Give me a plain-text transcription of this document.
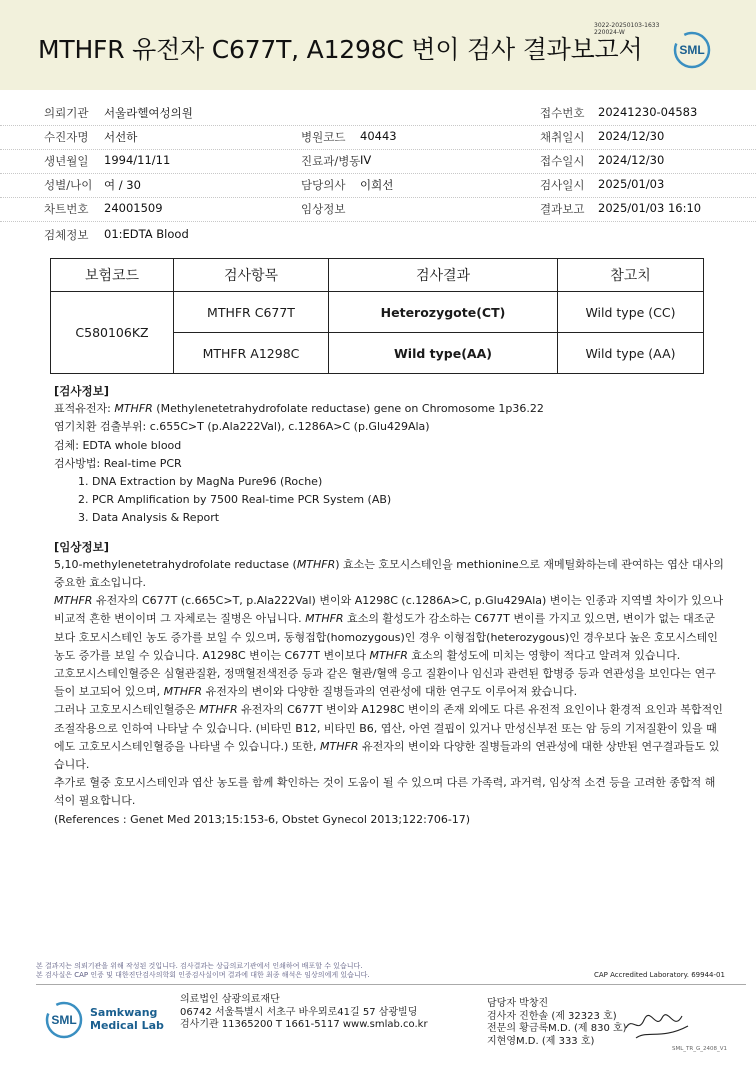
MTHFR 유전자 C677T, A1298C 변이 검사 결과보고서
3022-20250103-1633
220024-W
SML
의뢰기관 서울라헬여성의원	접수번호 20241230-04583
수진자명 서선하	병원코드 40443	채취일시 2024/12/30
생년월일 1994/11/11	진료과/병동 IV	접수일시 2024/12/30
성별/나이 여 / 30	담당의사 이희선	검사일시 2025/01/03
차트번호 24001509	임상정보	결과보고 2025/01/03 16:10
검체정보 01:EDTA Blood
보험코드	검사항목	검사결과	참고치
C580106KZ	MTHFR C677T	Heterozygote(CT)	Wild type (CC)
	MTHFR A1298C	Wild type(AA)	Wild type (AA)
[검사정보]

표적유전자: MTHFR (Methylenetetrahydrofolate reductase) gene on Chromosome 1p36.22

염기치환 검출부위: c.655C>T (p.Ala222Val), c.1286A>C (p.Glu429Ala)

검체: EDTA whole blood

검사방법: Real-time PCR

1. DNA Extraction by MagNa Pure96 (Roche)
2. PCR Amplification by 7500 Real-time PCR System (AB)
3. Data Analysis & Report
[임상정보]

5,10-methylenetetrahydrofolate reductase (MTHFR) 효소는 호모시스테인을 methionine으로 재메틸화하는데 관여하는 엽산 대사의 중요한 효소입니다.

MTHFR 유전자의 C677T (c.665C>T, p.Ala222Val) 변이와 A1298C (c.1286A>C, p.Glu429Ala) 변이는 인종과 지역별 차이가 있으나 비교적 흔한 변이이며 그 자체로는 질병은 아닙니다. MTHFR 효소의 활성도가 감소하는 C677T 변이를 가지고 있으면, 변이가 없는 대조군보다 호모시스테인 농도 증가를 보일 수 있으며, 동형접합(homozygous)인 경우 이형접합(heterozygous)인 경우보다 높은 호모시스테인 농도 증가를 보일 수 있습니다. A1298C 변이는 C677T 변이보다 MTHFR 효소의 활성도에 미치는 영향이 적다고 알려져 있습니다.

고호모시스테인혈증은 심혈관질환, 정맥혈전색전증 등과 같은 혈관/혈액 응고 질환이나 임신과 관련된 합병증 등과 연관성을 보인다는 연구들이 보고되어 있으며, MTHFR 유전자의 변이와 다양한 질병들과의 연관성에 대한 연구도 이루어져 왔습니다.

그러나 고호모시스테인혈증은 MTHFR 유전자의 C677T 변이와 A1298C 변이의 존재 외에도 다른 유전적 요인이나 환경적 요인과 복합적인 조절작용으로 인하여 나타날 수 있습니다. (비타민 B12, 비타민 B6, 엽산, 아연 결핍이 있거나 만성신부전 또는 암 등의 기저질환이 있을 때에도 고호모시스테인혈증을 나타낼 수 있습니다.) 또한, MTHFR 유전자의 변이와 다양한 질병들과의 연관성에 대한 상반된 연구결과들도 있습니다.

추가로 혈중 호모시스테인과 엽산 농도를 함께 확인하는 것이 도움이 될 수 있으며 다른 가족력, 과거력, 임상적 소견 등을 고려한 종합적 해석이 필요합니다.

(References : Genet Med 2013;15:153-6, Obstet Gynecol 2013;122:706-17)

본 결과지는 의뢰기관을 위해 작성된 것입니다. 검사결과는 상급의료기관에서 인쇄하여 배포할 수 있습니다.
본 검사실은 CAP 인증 및 대한진단검사의학회 인증검사실이며 결과에 대한 최종 해석은 임상의에게 있습니다.	CAP Accredited Laboratory. 69944-01
SML
Samkwang
Medical Lab
의료법인 삼광의료재단
06742 서울특별시 서초구 바우뫼로41길 57 삼광빌딩
검사기관 11365200 T 1661-5117 www.smlab.co.kr
담당자 박창진
검사자 진한솔 (제 32323 호)
전문의 황금록M.D. (제 830 호)
지현영M.D. (제 333 호)
SML_TR_G_2408_V1
